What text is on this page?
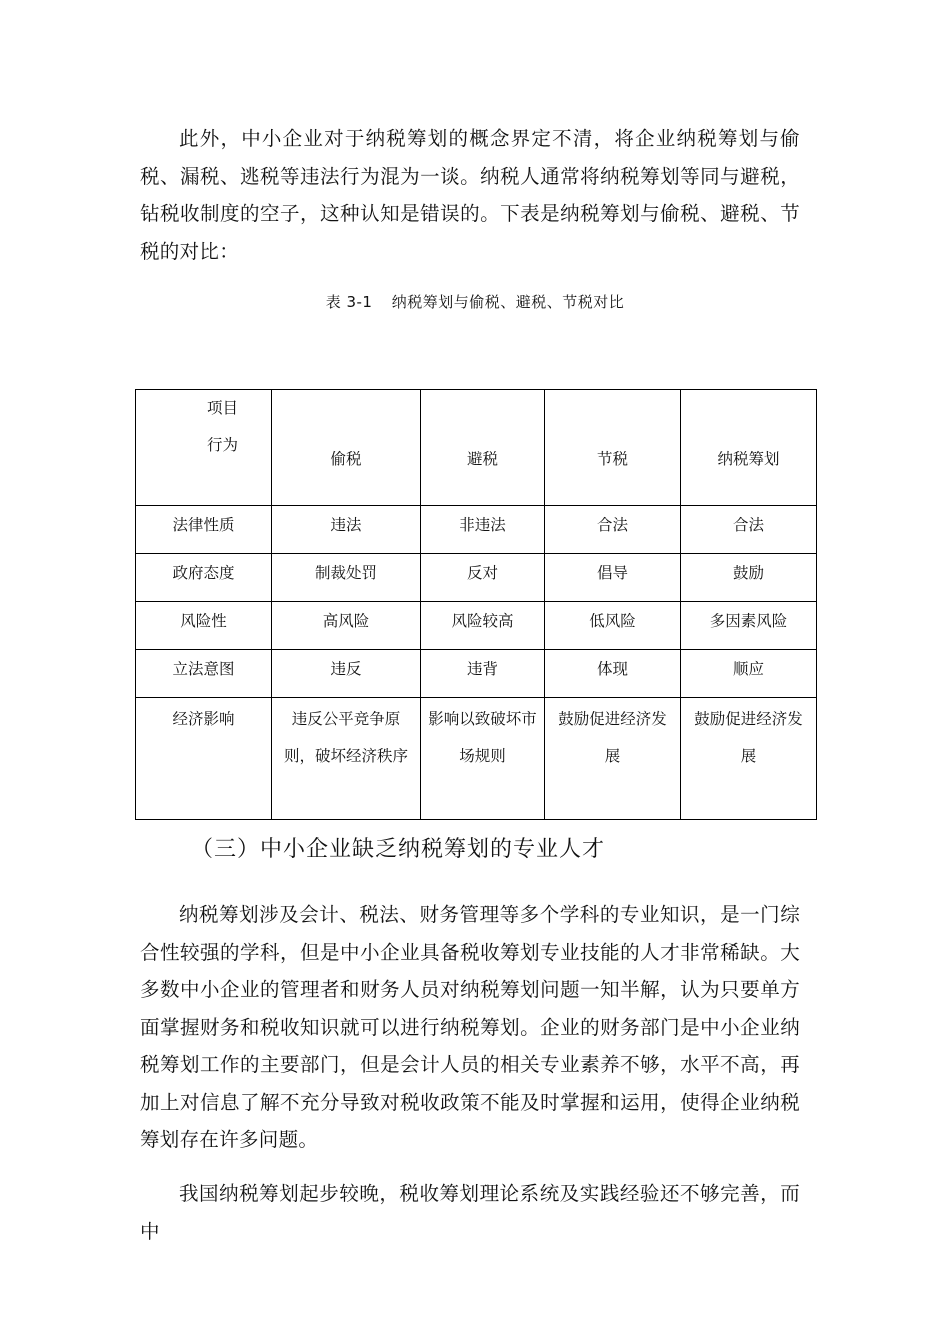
此外，中小企业对于纳税筹划的概念界定不清，将企业纳税筹划与偷税、漏税、逃税等违法行为混为一谈。纳税人通常将纳税筹划等同与避税，钻税收制度的空子，这种认知是错误的。下表是纳税筹划与偷税、避税、节税的对比：

表 3-1 纳税筹划与偷税、避税、节税对比
项目
行为	偷税	避税	节税	纳税筹划
法律性质	违法	非违法	合法	合法
政府态度	制裁处罚	反对	倡导	鼓励
风险性	高风险	风险较高	低风险	多因素风险
立法意图	违反	违背	体现	顺应
经济影响	违反公平竞争原则，破坏经济秩序	影响以致破坏市场规则	鼓励促进经济发展	鼓励促进经济发展
（三）中小企业缺乏纳税筹划的专业人才

纳税筹划涉及会计、税法、财务管理等多个学科的专业知识，是一门综合性较强的学科，但是中小企业具备税收筹划专业技能的人才非常稀缺。大多数中小企业的管理者和财务人员对纳税筹划问题一知半解，认为只要单方面掌握财务和税收知识就可以进行纳税筹划。企业的财务部门是中小企业纳税筹划工作的主要部门，但是会计人员的相关专业素养不够，水平不高，再加上对信息了解不充分导致对税收政策不能及时掌握和运用，使得企业纳税筹划存在许多问题。

我国纳税筹划起步较晚，税收筹划理论系统及实践经验还不够完善，而中
